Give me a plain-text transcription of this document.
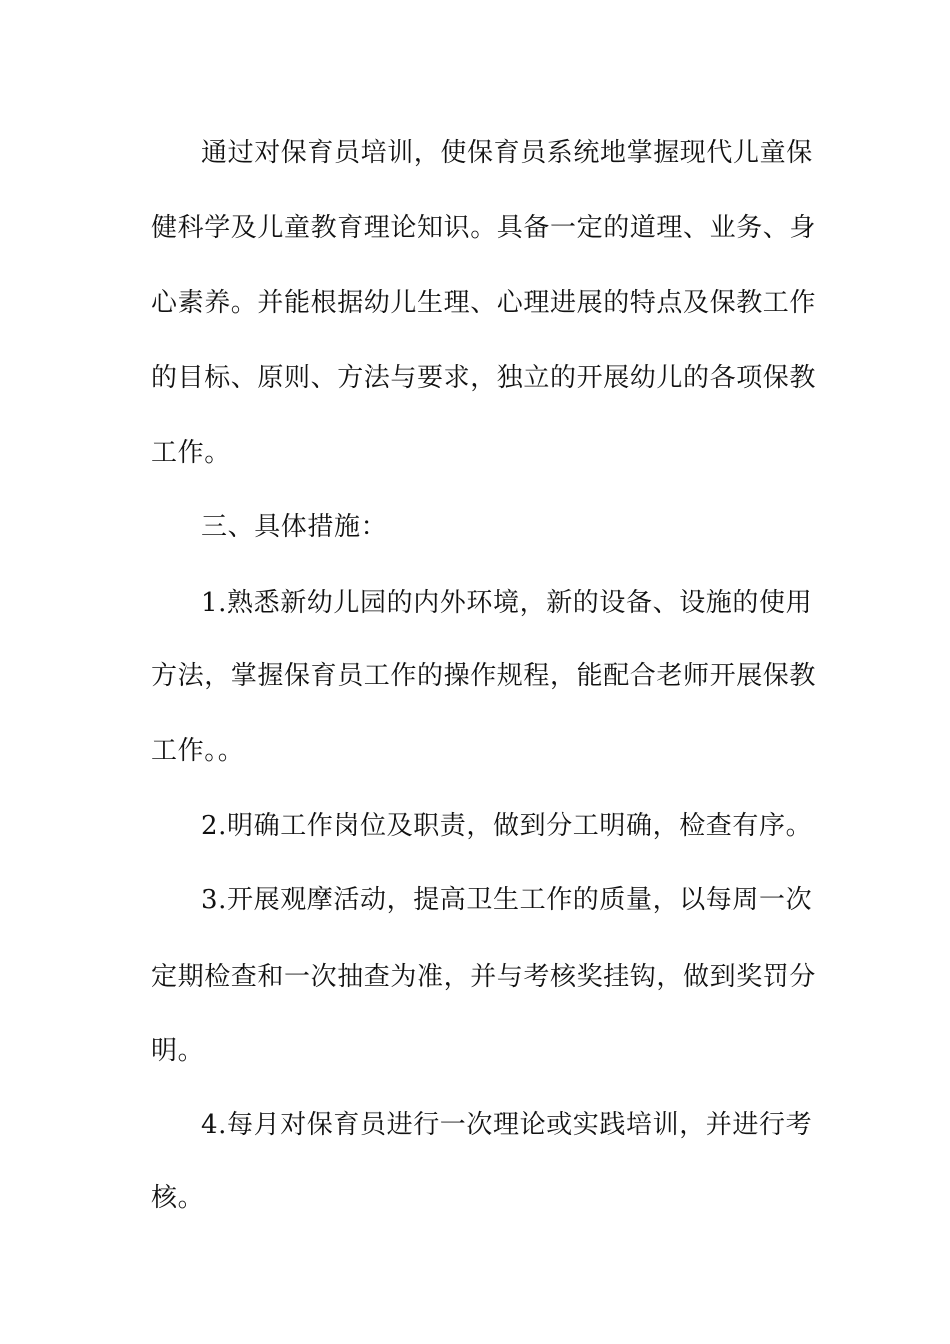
通过对保育员培训，使保育员系统地掌握现代儿童保
健科学及儿童教育理论知识。具备一定的道理、业务、身
心素养。并能根据幼儿生理、心理进展的特点及保教工作
的目标、原则、方法与要求，独立的开展幼儿的各项保教
工作。
三、具体措施：
1.熟悉新幼儿园的内外环境，新的设备、设施的使用
方法，掌握保育员工作的操作规程，能配合老师开展保教
工作。。
2.明确工作岗位及职责，做到分工明确，检查有序。
3.开展观摩活动，提高卫生工作的质量，以每周一次
定期检查和一次抽查为准，并与考核奖挂钩，做到奖罚分
明。
4.每月对保育员进行一次理论或实践培训，并进行考
核。
